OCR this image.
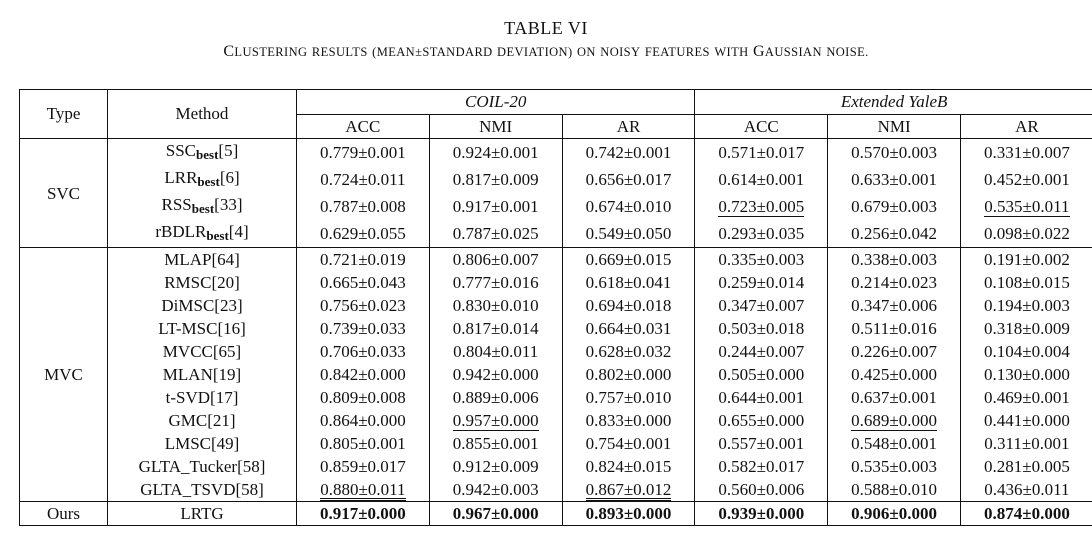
TABLE VI
CLUSTERING RESULTS (MEAN±STANDARD DEVIATION) ON NOISY FEATURES WITH GAUSSIAN NOISE.
Type	Method	COIL-20			Extended YaleB		
		ACC	NMI	AR	ACC	NMI	AR
SVC	$SSC_{best}[5]$	0.779±0.001	0.924±0.001	0.742±0.001	0.571±0.017	0.570±0.003	0.331±0.007
	$LRR_{best}[6]$	0.724±0.011	0.817±0.009	0.656±0.017	0.614±0.001	0.633±0.001	0.452±0.001
	$RSS_{best}[33]$	0.787±0.008	0.917±0.001	0.674±0.010	0.723±0.005	0.679±0.003	0.535±0.011
	rBDLR$_{best}$[4]	0.629±0.055	0.787±0.025	0.549±0.050	0.293±0.035	0.256±0.042	0.098±0.022
MVC	MLAP[64]	0.721±0.019	0.806±0.007	0.669±0.015	0.335±0.003	0.338±0.003	0.191±0.002
	RMSC[20]	0.665±0.043	0.777±0.016	0.618±0.041	0.259±0.014	0.214±0.023	0.108±0.015
	DiMSC[23]	0.756±0.023	0.830±0.010	0.694±0.018	0.347±0.007	0.347±0.006	0.194±0.003
	LT-MSC[16]	0.739±0.033	0.817±0.014	0.664±0.031	0.503±0.018	0.511±0.016	0.318±0.009
	MVCC[65]	0.706±0.033	0.804±0.011	0.628±0.032	0.244±0.007	0.226±0.007	0.104±0.004
	MLAN[19]	0.842±0.000	0.942±0.000	0.802±0.000	0.505±0.000	0.425±0.000	0.130±0.000
	t-SVD[17]	0.809±0.008	0.889±0.006	0.757±0.010	0.644±0.001	0.637±0.001	0.469±0.001
	GMC[21]	0.864±0.000	0.957±0.000	0.833±0.000	0.655±0.000	0.689±0.000	0.441±0.000
	LMSC[49]	0.805±0.001	0.855±0.001	0.754±0.001	0.557±0.001	0.548±0.001	0.311±0.001
	GLTA_Tucker[58]	0.859±0.017	0.912±0.009	0.824±0.015	0.582±0.017	0.535±0.003	0.281±0.005
	GLTA_TSVD[58]	0.880±0.011	0.942±0.003	0.867±0.012	0.560±0.006	0.588±0.010	0.436±0.011
Ours	LRTG	0.917±0.000	0.967±0.000	0.893±0.000	0.939±0.000	0.906±0.000	0.874±0.000
